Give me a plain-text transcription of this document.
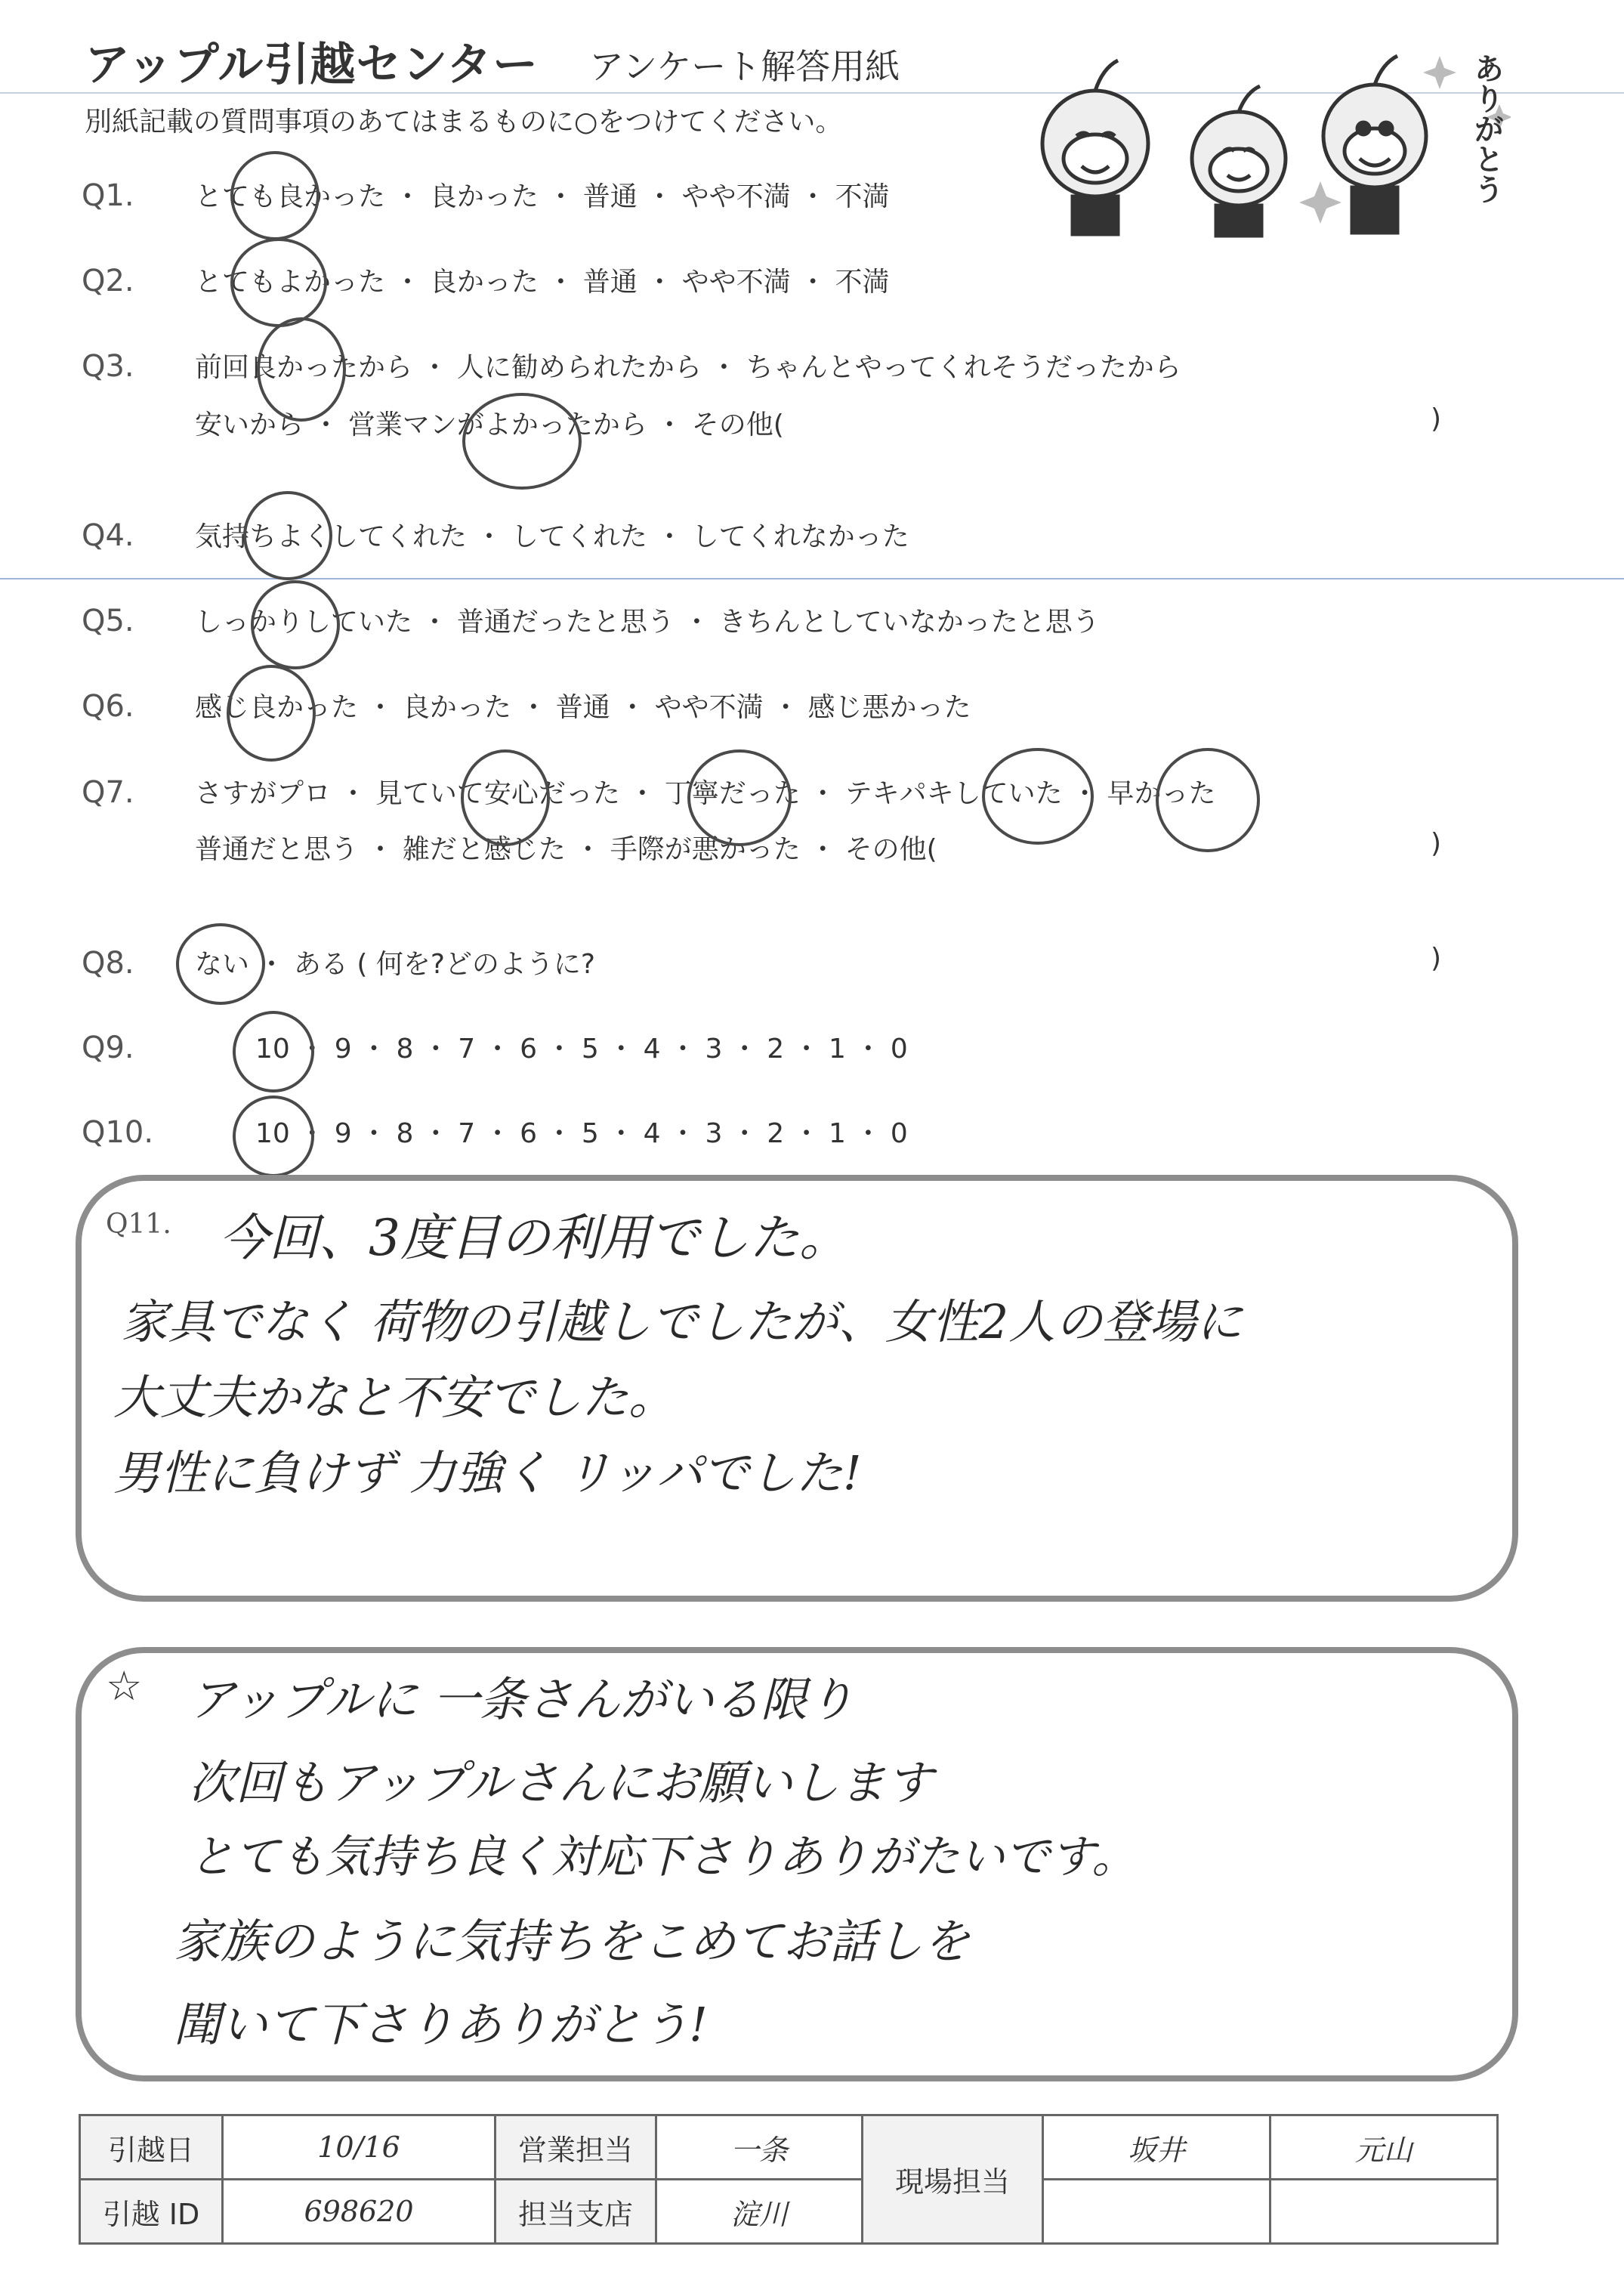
アップル引越センター アンケート解答用紙
別紙記載の質問事項のあてはまるものに○をつけてください。	ありがとう
Q1. とても良かった ・ 良かった ・ 普通 ・ やや不満 ・ 不満
Q2. とてもよかった ・ 良かった ・ 普通 ・ やや不満 ・ 不満
Q3. 前回良かったから ・ 人に勧められたから ・ ちゃんとやってくれそうだったから
安いから ・ 営業マンがよかったから ・ その他(	)
Q4. 気持ちよくしてくれた ・ してくれた ・ してくれなかった
Q5. しっかりしていた ・ 普通だったと思う ・ きちんとしていなかったと思う
Q6. 感じ良かった ・ 良かった ・ 普通 ・ やや不満 ・ 感じ悪かった
Q7. さすがプロ ・ 見ていて安心だった ・ 丁寧だった ・ テキパキしていた ・ 早かった
普通だと思う ・ 雑だと感じた ・ 手際が悪かった ・ その他(	)
Q8. ない ・ ある ( 何を?どのように?	)
Q9.	10 ・ 9 ・ 8 ・ 7 ・ 6 ・ 5 ・ 4 ・ 3 ・ 2 ・ 1 ・ 0
Q10.	10 ・ 9 ・ 8 ・ 7 ・ 6 ・ 5 ・ 4 ・ 3 ・ 2 ・ 1 ・ 0
Q11. 今回、3度目の利用でした。
家具でなく 荷物の引越しでしたが、女性2人の登場に
大丈夫かなと不安でした。
男性に負けず 力強く リッパでした!
☆ アップルに 一条さんがいる限り
次回もアップルさんにお願いします
とても気持ち良く対応下さりありがたいです。
家族のように気持ちをこめてお話しを
聞いて下さりありがとう!
引越日	10/16	営業担当	一条	現場担当	坂井	元山
引越 ID	698620	担当支店	淀川			
